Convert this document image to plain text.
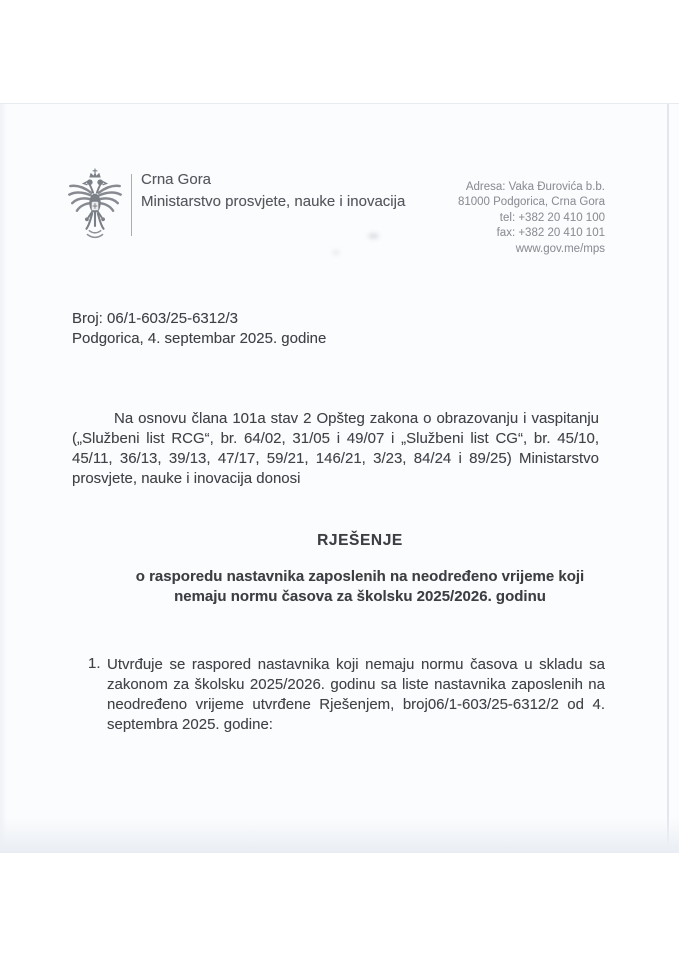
Crna Gora
Ministarstvo prosvjete, nauke i inovacija
Adresa: Vaka Đurovića b.b.
81000 Podgorica, Crna Gora
tel: +382 20 410 100
fax: +382 20 410 101
www.gov.me/mps
Broj: 06/1-603/25-6312/3
Podgorica, 4. septembar 2025. godine
Na osnovu člana 101a stav 2 Opšteg zakona o obrazovanju i vaspitanju
(„Službeni list RCG“, br. 64/02, 31/05 i 49/07 i „Službeni list CG“, br. 45/10,
45/11, 36/13, 39/13, 47/17, 59/21, 146/21, 3/23, 84/24 i 89/25) Ministarstvo
prosvjete, nauke i inovacija donosi
RJEŠENJE
o rasporedu nastavnika zaposlenih na neodređeno vrijeme koji
nemaju normu časova za školsku 2025/2026. godinu
1. Utvrđuje se raspored nastavnika koji nemaju normu časova u skladu sa
zakonom za školsku 2025/2026. godinu sa liste nastavnika zaposlenih na
neodređeno vrijeme utvrđene Rješenjem, broj06/1-603/25-6312/2 od 4.
septembra 2025. godine:
